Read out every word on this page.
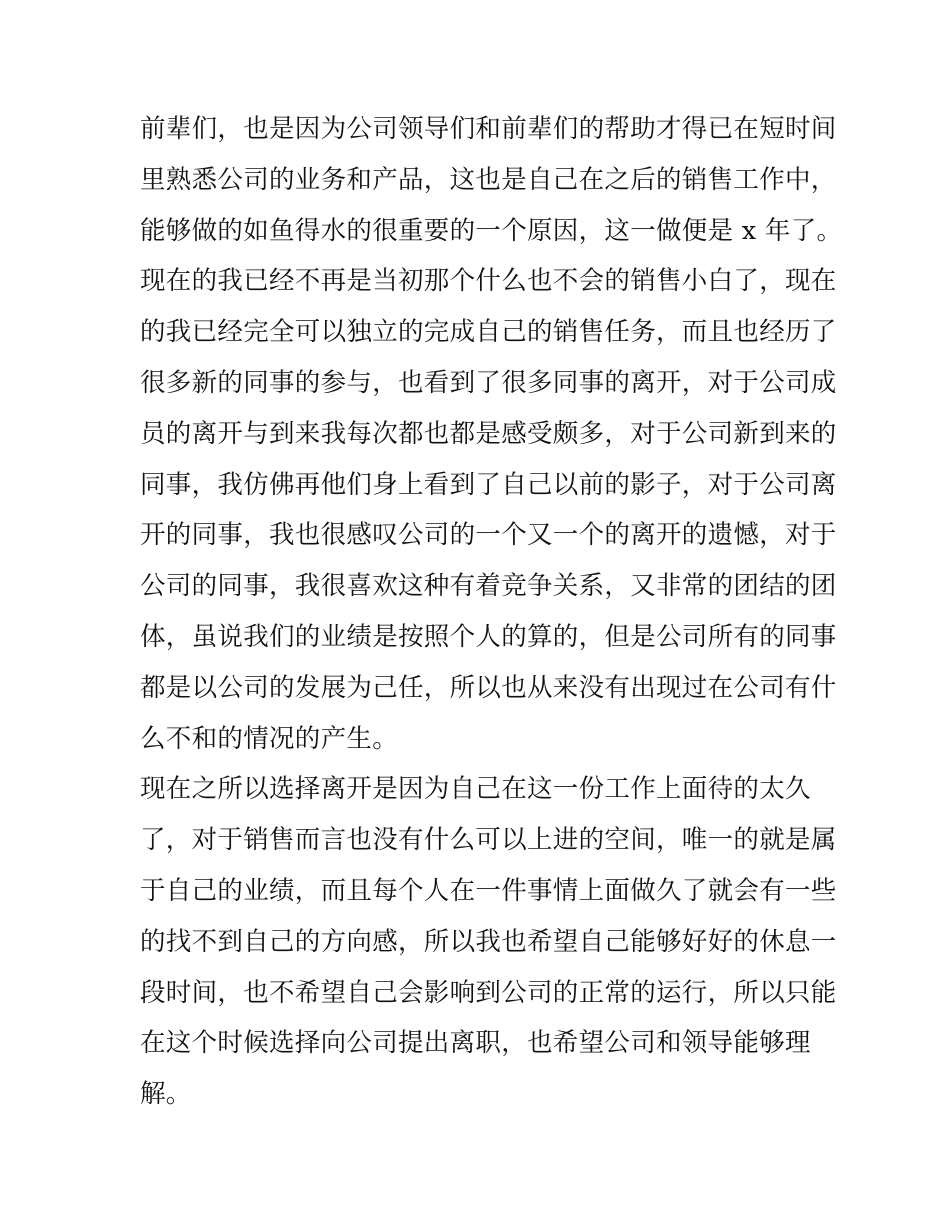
前辈们，也是因为公司领导们和前辈们的帮助才得已在短时间
里熟悉公司的业务和产品，这也是自己在之后的销售工作中，
能够做的如鱼得水的很重要的一个原因，这一做便是 x 年了。
现在的我已经不再是当初那个什么也不会的销售小白了，现在
的我已经完全可以独立的完成自己的销售任务，而且也经历了
很多新的同事的参与，也看到了很多同事的离开，对于公司成
员的离开与到来我每次都也都是感受颇多，对于公司新到来的
同事，我仿佛再他们身上看到了自己以前的影子，对于公司离
开的同事，我也很感叹公司的一个又一个的离开的遗憾，对于
公司的同事，我很喜欢这种有着竞争关系，又非常的团结的团
体，虽说我们的业绩是按照个人的算的，但是公司所有的同事
都是以公司的发展为己任，所以也从来没有出现过在公司有什
么不和的情况的产生。
现在之所以选择离开是因为自己在这一份工作上面待的太久
了，对于销售而言也没有什么可以上进的空间，唯一的就是属
于自己的业绩，而且每个人在一件事情上面做久了就会有一些
的找不到自己的方向感，所以我也希望自己能够好好的休息一
段时间，也不希望自己会影响到公司的正常的运行，所以只能
在这个时候选择向公司提出离职，也希望公司和领导能够理
解。
